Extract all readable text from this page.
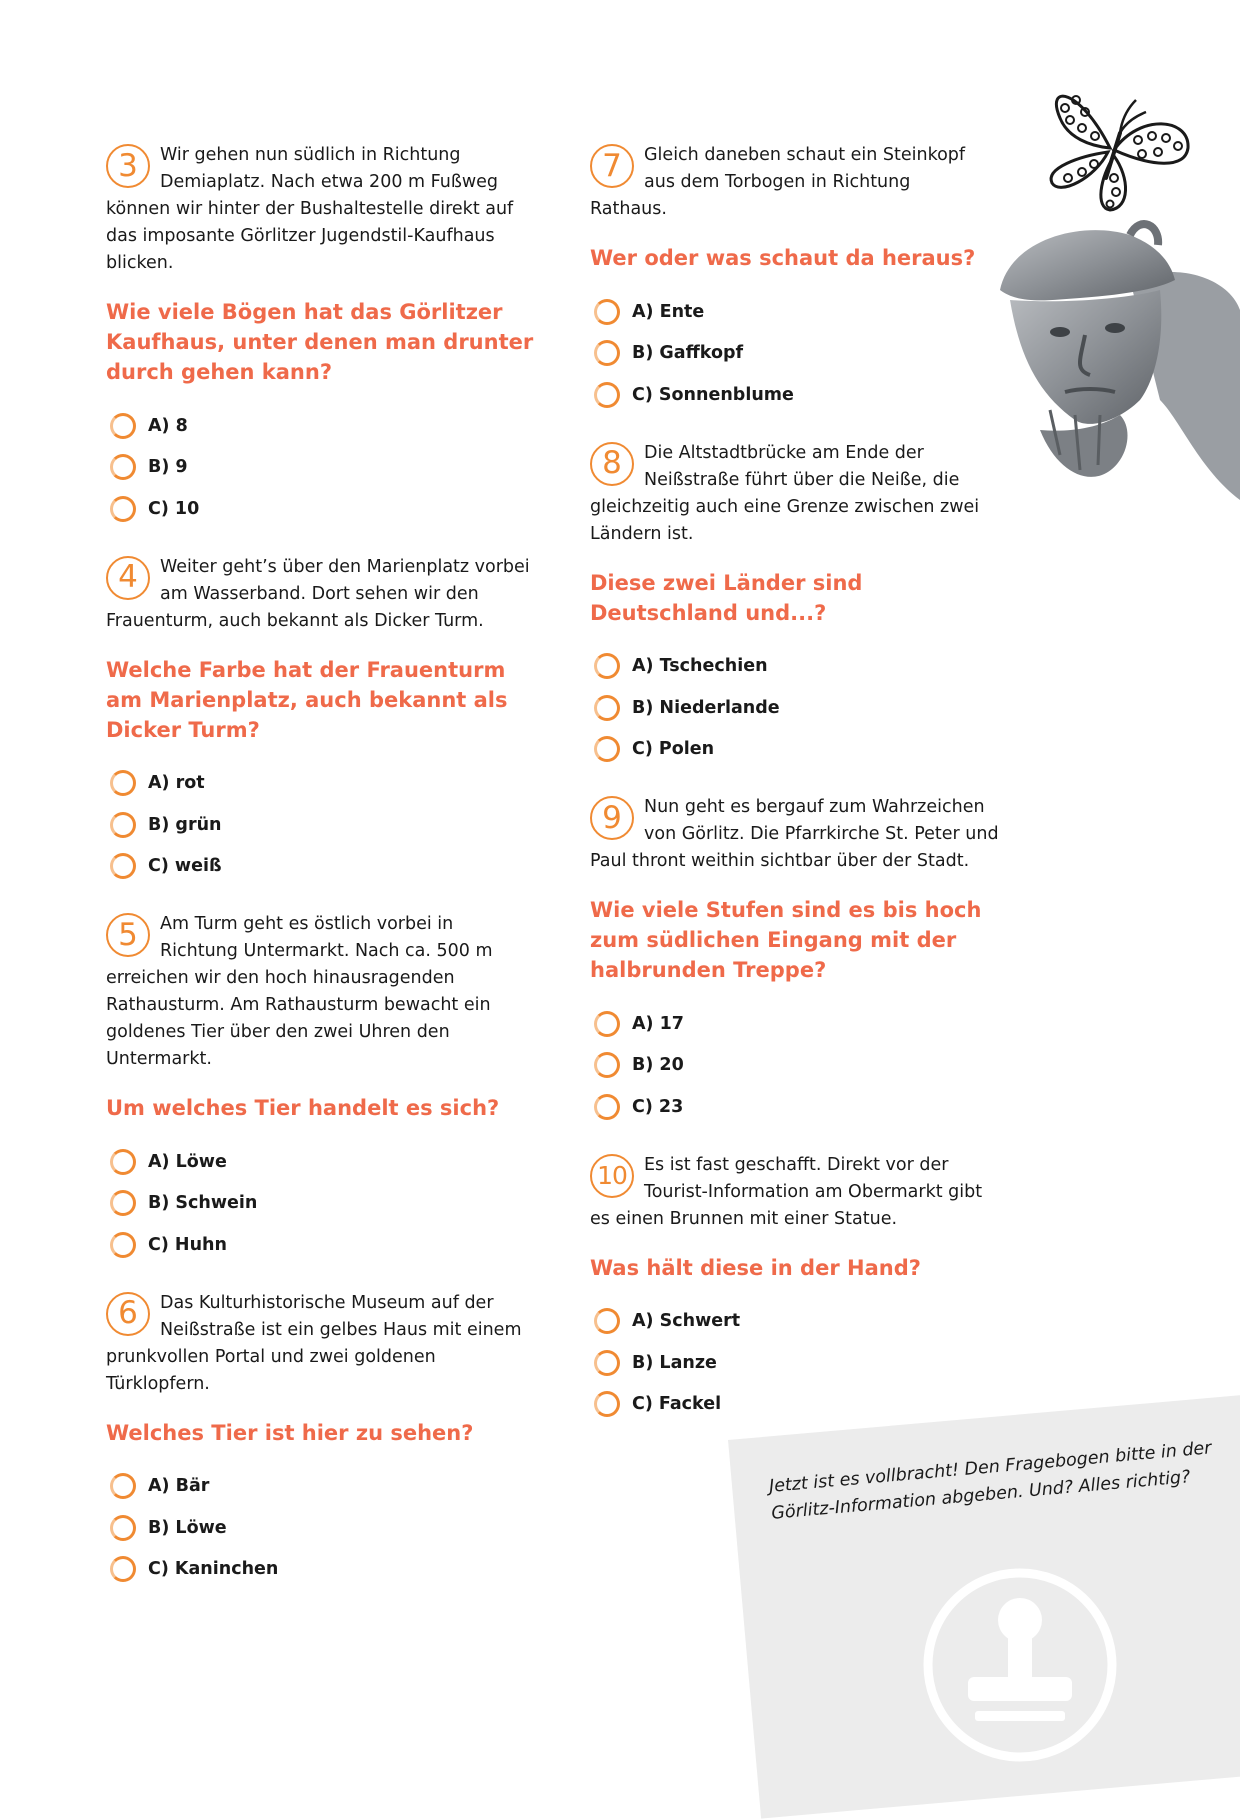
3	Wir gehen nun südlich in Richtung Demiaplatz. Nach etwa 200 m Fußweg können wir hinter der Bushaltestelle direkt auf das imposante Görlitzer Jugendstil-Kaufhaus blicken.

Wie viele Bögen hat das Görlitzer Kaufhaus, unter denen man drunter durch gehen kann?
A) 8
B) 9
C) 10

4	Weiter geht’s über den Marienplatz vorbei am Wasserband. Dort sehen wir den Frauenturm, auch bekannt als Dicker Turm.

Welche Farbe hat der Frauenturm am Marienplatz, auch bekannt als Dicker Turm?
A) rot
B) grün
C) weiß

5	Am Turm geht es östlich vorbei in Richtung Untermarkt. Nach ca. 500 m erreichen wir den hoch hinausragenden Rathausturm. Am Rathausturm bewacht ein goldenes Tier über den zwei Uhren den Untermarkt.

Um welches Tier handelt es sich?
A) Löwe
B) Schwein
C) Huhn

6	Das Kulturhistorische Museum auf der Neißstraße ist ein gelbes Haus mit einem prunkvollen Portal und zwei goldenen Türklopfern.

Welches Tier ist hier zu sehen?
A) Bär
B) Löwe
C) Kaninchen

7	Gleich daneben schaut ein Steinkopf aus dem Torbogen in Richtung Rathaus.

Wer oder was schaut da heraus?
A) Ente
B) Gaffkopf
C) Sonnenblume

8	Die Altstadtbrücke am Ende der Neißstraße führt über die Neiße, die gleichzeitig auch eine Grenze zwischen zwei Ländern ist.

Diese zwei Länder sind Deutschland und...?
A) Tschechien
B) Niederlande
C) Polen

9	Nun geht es bergauf zum Wahrzeichen von Görlitz. Die Pfarrkirche St. Peter und Paul thront weithin sichtbar über der Stadt.

Wie viele Stufen sind es bis hoch zum südlichen Eingang mit der halbrunden Treppe?
A) 17
B) 20
C) 23

10 Es ist fast geschafft. Direkt vor der Tourist-Information am Obermarkt gibt es einen Brunnen mit einer Statue.

Was hält diese in der Hand?
A) Schwert
B) Lanze
C) Fackel

Jetzt ist es vollbracht! Den Fragebogen bitte in der Görlitz-Information abgeben. Und? Alles richtig?
